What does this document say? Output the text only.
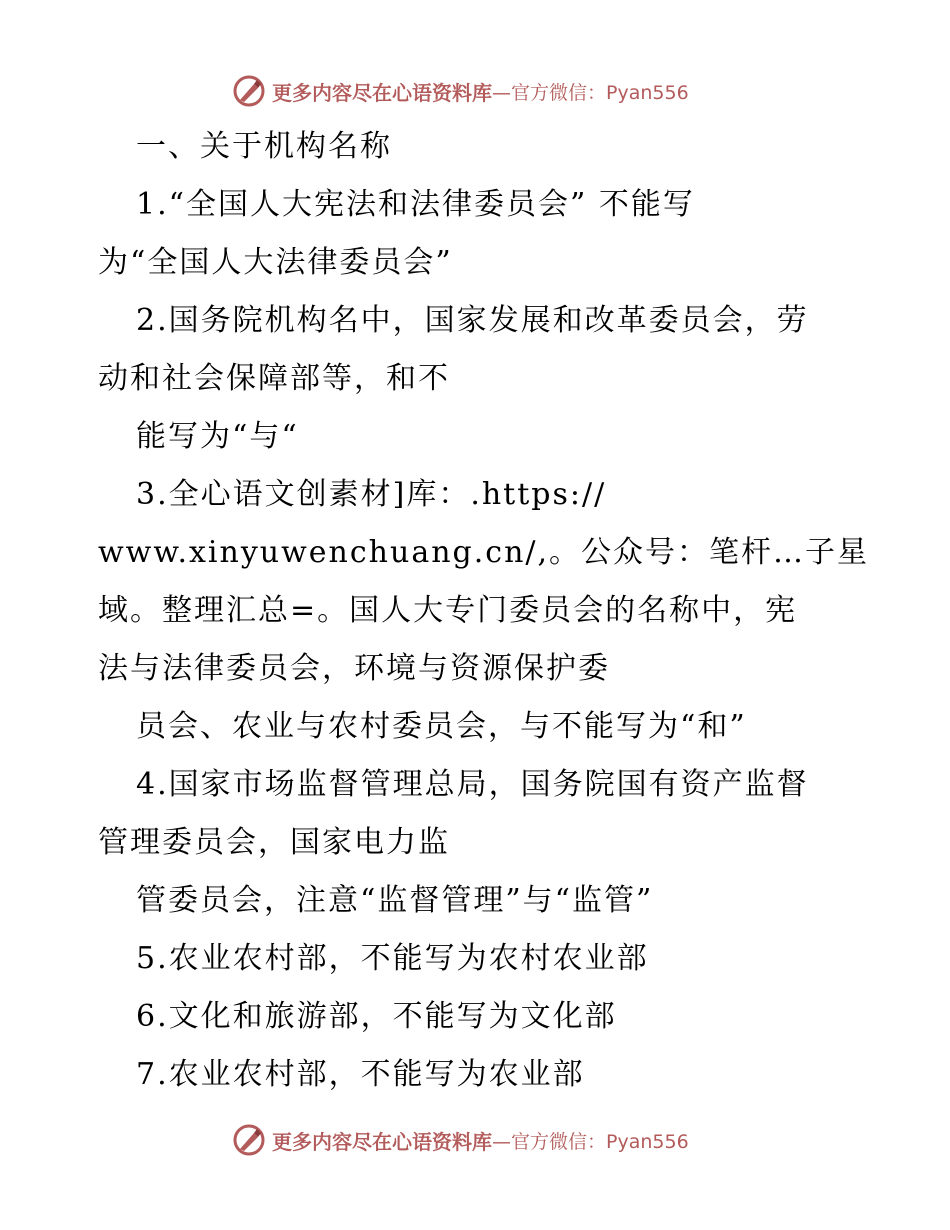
更多内容尽在心语资料库 —官方微信：Pyan556
一、关于机构名称
1.“全国人大宪法和法律委员会” 不能写
为“全国人大法律委员会”
2.国务院机构名中，国家发展和改革委员会，劳
动和社会保障部等，和不
能写为“与“
3.全心语文创素材]库：.https://
www.xinyuwenchuang.cn/,。公众号：笔杆…子星
域。整理汇总=。国人大专门委员会的名称中，宪
法与法律委员会，环境与资源保护委
员会、农业与农村委员会，与不能写为“和”
4.国家市场监督管理总局，国务院国有资产监督
管理委员会，国家电力监
管委员会，注意“监督管理”与“监管”
5.农业农村部，不能写为农村农业部
6.文化和旅游部，不能写为文化部
7.农业农村部，不能写为农业部
更多内容尽在心语资料库 —官方微信：Pyan556
